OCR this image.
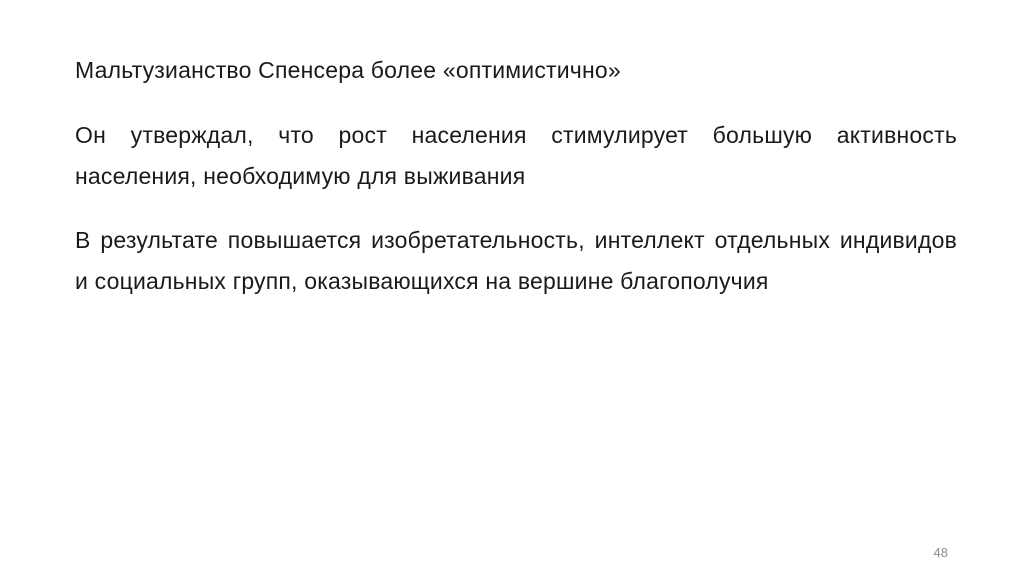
Мальтузианство Спенсера более «оптимистично»

Он утверждал, что рост населения стимулирует большую активность населения, необходимую для выживания

В результате повышается изобретательность, интеллект отдельных индивидов и социальных групп, оказывающихся на вершине благополучия

48
